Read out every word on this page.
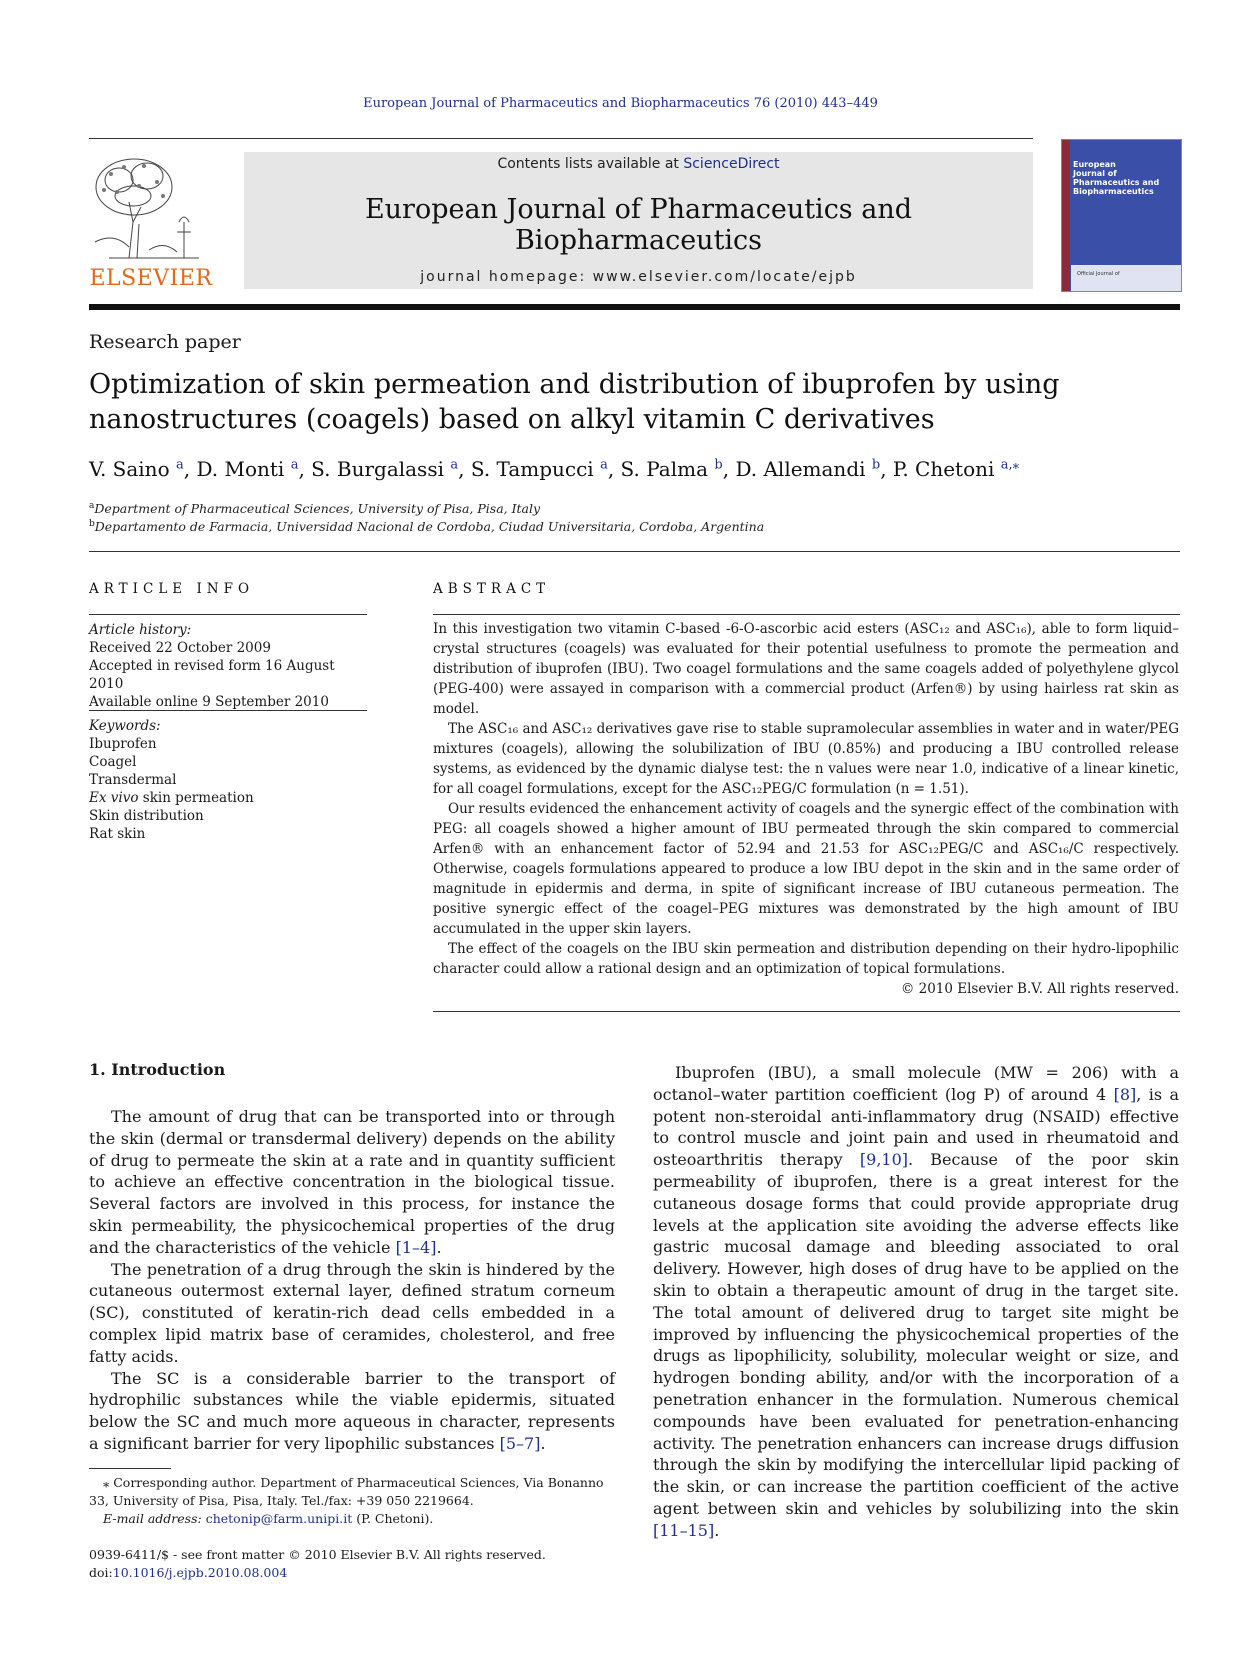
European Journal of Pharmaceutics and Biopharmaceutics 76 (2010) 443–449
ELSEVIER
Contents lists available at ScienceDirect
European Journal of Pharmaceutics and Biopharmaceutics
journal homepage: www.elsevier.com/locate/ejpb
European
Journal of
Pharmaceutics and
Biopharmaceutics
Official Journal of
Research paper
Optimization of skin permeation and distribution of ibuprofen by using
nanostructures (coagels) based on alkyl vitamin C derivatives
V. Saino $^a$, D. Monti $^a$, S. Burgalassi $^a$, S. Tampucci $^a$, S. Palma $^b$, D. Allemandi $^b$, P. Chetoni $^{a,⁎}$
$^a$Department of Pharmaceutical Sciences, University of Pisa, Pisa, Italy
$^b$Departamento de Farmacia, Universidad Nacional de Cordoba, Ciudad Universitaria, Cordoba, Argentina
ARTICLE INFO
Article history:
Received 22 October 2009
Accepted in revised form 16 August 2010
Available online 9 September 2010
Keywords:
Ibuprofen
Coagel
Transdermal
Ex vivo skin permeation
Skin distribution
Rat skin
ABSTRACT

In this investigation two vitamin C-based -6-O-ascorbic acid esters (ASC₁₂ and ASC₁₆), able to form liquid–crystal structures (coagels) was evaluated for their potential usefulness to promote the permeation and distribution of ibuprofen (IBU). Two coagel formulations and the same coagels added of polyethylene glycol (PEG-400) were assayed in comparison with a commercial product (Arfen®) by using hairless rat skin as model.

The ASC₁₆ and ASC₁₂ derivatives gave rise to stable supramolecular assemblies in water and in water/PEG mixtures (coagels), allowing the solubilization of IBU (0.85%) and producing a IBU controlled release systems, as evidenced by the dynamic dialyse test: the n values were near 1.0, indicative of a linear kinetic, for all coagel formulations, except for the ASC₁₂PEG/C formulation (n = 1.51).

Our results evidenced the enhancement activity of coagels and the synergic effect of the combination with PEG: all coagels showed a higher amount of IBU permeated through the skin compared to commercial Arfen® with an enhancement factor of 52.94 and 21.53 for ASC₁₂PEG/C and ASC₁₆/C respectively. Otherwise, coagels formulations appeared to produce a low IBU depot in the skin and in the same order of magnitude in epidermis and derma, in spite of significant increase of IBU cutaneous permeation. The positive synergic effect of the coagel–PEG mixtures was demonstrated by the high amount of IBU accumulated in the upper skin layers.

The effect of the coagels on the IBU skin permeation and distribution depending on their hydro-lipophilic character could allow a rational design and an optimization of topical formulations.

© 2010 Elsevier B.V. All rights reserved.
1. Introduction

The amount of drug that can be transported into or through the skin (dermal or transdermal delivery) depends on the ability of drug to permeate the skin at a rate and in quantity sufficient to achieve an effective concentration in the biological tissue. Several factors are involved in this process, for instance the skin permeability, the physicochemical properties of the drug and the characteristics of the vehicle [1–4].

The penetration of a drug through the skin is hindered by the cutaneous outermost external layer, defined stratum corneum (SC), constituted of keratin-rich dead cells embedded in a complex lipid matrix base of ceramides, cholesterol, and free fatty acids.

The SC is a considerable barrier to the transport of hydrophilic substances while the viable epidermis, situated below the SC and much more aqueous in character, represents a significant barrier for very lipophilic substances [5–7].

Ibuprofen (IBU), a small molecule (MW = 206) with a octanol–water partition coefficient (log P) of around 4 [8], is a potent non-steroidal anti-inflammatory drug (NSAID) effective to control muscle and joint pain and used in rheumatoid and osteoarthritis therapy [9,10]. Because of the poor skin permeability of ibuprofen, there is a great interest for the cutaneous dosage forms that could provide appropriate drug levels at the application site avoiding the adverse effects like gastric mucosal damage and bleeding associated to oral delivery. However, high doses of drug have to be applied on the skin to obtain a therapeutic amount of drug in the target site. The total amount of delivered drug to target site might be improved by influencing the physicochemical properties of the drugs as lipophilicity, solubility, molecular weight or size, and hydrogen bonding ability, and/or with the incorporation of a penetration enhancer in the formulation. Numerous chemical compounds have been evaluated for penetration-enhancing activity. The penetration enhancers can increase drugs diffusion through the skin by modifying the intercellular lipid packing of the skin, or can increase the partition coefficient of the active agent between skin and vehicles by solubilizing into the skin [11–15].

⁎ Corresponding author. Department of Pharmaceutical Sciences, Via Bonanno 33, University of Pisa, Pisa, Italy. Tel./fax: +39 050 2219664.
E-mail address: chetonip@farm.unipi.it (P. Chetoni).
0939-6411/$ - see front matter © 2010 Elsevier B.V. All rights reserved.
doi:10.1016/j.ejpb.2010.08.004
